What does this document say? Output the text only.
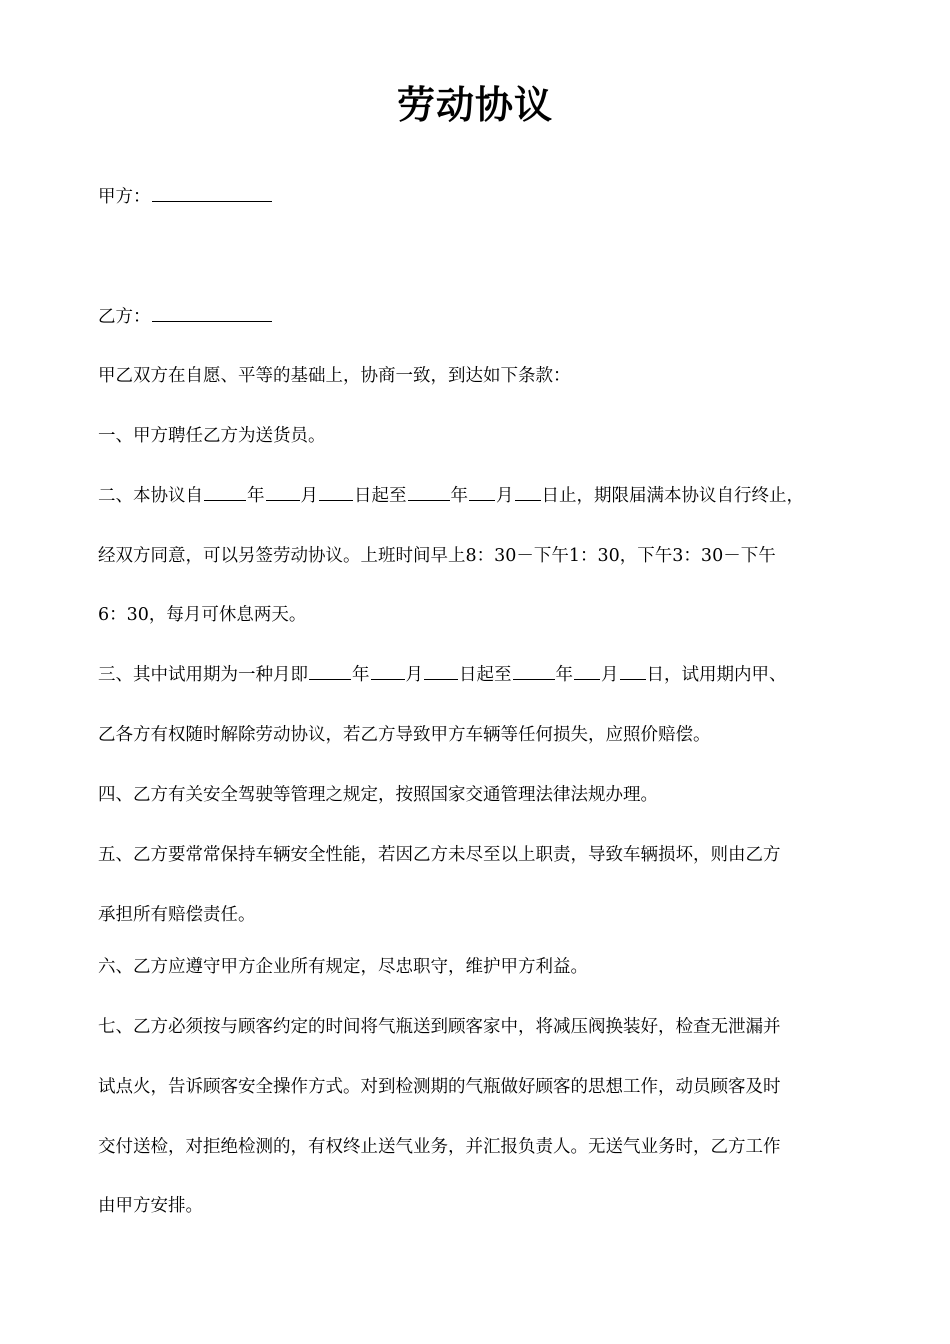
劳动协议
甲方：
乙方：
甲乙双方在自愿、平等的基础上，协商一致，到达如下条款：
一、甲方聘任乙方为送货员。
二、本协议自	年 月 日起至	年 月 日止，期限届满本协议自行终止，
经双方同意，可以另签劳动协议。上班时间早上8：30－下午1：30，下午3：30－下午
6：30，每月可休息两天。
三、其中试用期为一种月即	年 月 日起至	年 月 日，试用期内甲、
乙各方有权随时解除劳动协议，若乙方导致甲方车辆等任何损失，应照价赔偿。
四、乙方有关安全驾驶等管理之规定，按照国家交通管理法律法规办理。
五、乙方要常常保持车辆安全性能，若因乙方未尽至以上职责，导致车辆损坏，则由乙方
承担所有赔偿责任。
六、乙方应遵守甲方企业所有规定，尽忠职守，维护甲方利益。
七、乙方必须按与顾客约定的时间将气瓶送到顾客家中，将减压阀换装好，检查无泄漏并
试点火，告诉顾客安全操作方式。对到检测期的气瓶做好顾客的思想工作，动员顾客及时
交付送检，对拒绝检测的，有权终止送气业务，并汇报负责人。无送气业务时，乙方工作
由甲方安排。
